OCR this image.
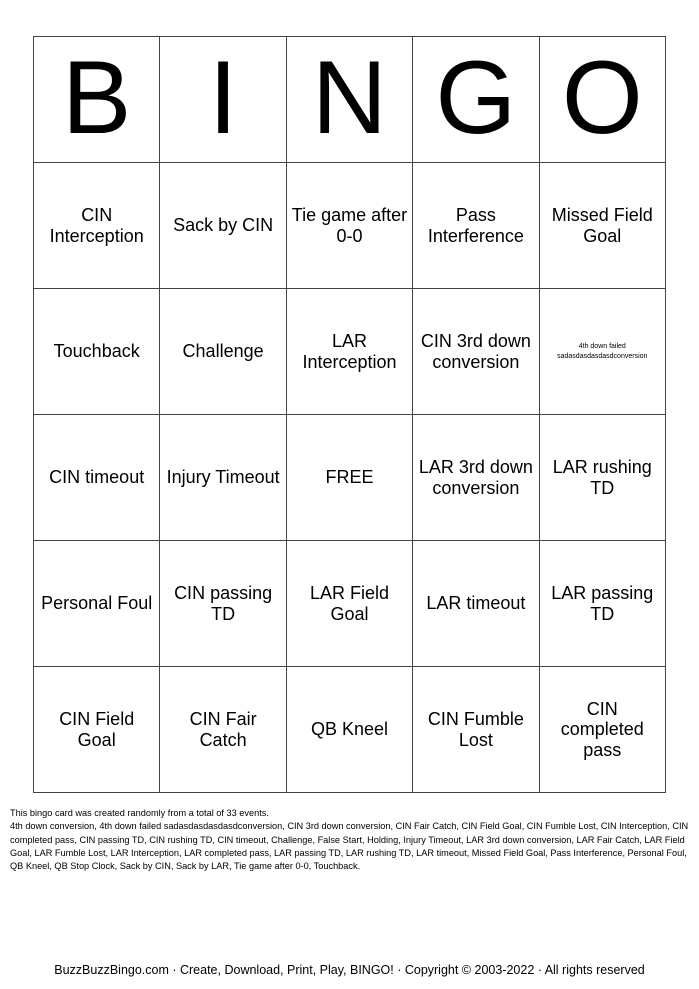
B	I	N	G	O
CIN Interception	Sack by CIN	Tie game after 0-0	Pass Interference	Missed Field Goal
Touchback	Challenge	LAR Interception	CIN 3rd down conversion	4th down failed sadasdasdasdasdconversion
CIN timeout	Injury Timeout	FREE	LAR 3rd down conversion	LAR rushing TD
Personal Foul	CIN passing TD	LAR Field Goal	LAR timeout	LAR passing TD
CIN Field Goal	CIN Fair Catch	QB Kneel	CIN Fumble Lost	CIN completed pass
This bingo card was created randomly from a total of 33 events.
4th down conversion, 4th down failed sadasdasdasdasdconversion, CIN 3rd down conversion, CIN Fair Catch, CIN Field Goal, CIN Fumble Lost, CIN Interception, CIN completed pass, CIN passing TD, CIN rushing TD, CIN timeout, Challenge, False Start, Holding, Injury Timeout, LAR 3rd down conversion, LAR Fair Catch, LAR Field Goal, LAR Fumble Lost, LAR Interception, LAR completed pass, LAR passing TD, LAR rushing TD, LAR timeout, Missed Field Goal, Pass Interference, Personal Foul, QB Kneel, QB Stop Clock, Sack by CIN, Sack by LAR, Tie game after 0-0, Touchback.

BuzzBuzzBingo.com · Create, Download, Print, Play, BINGO! · Copyright © 2003-2022 · All rights reserved
